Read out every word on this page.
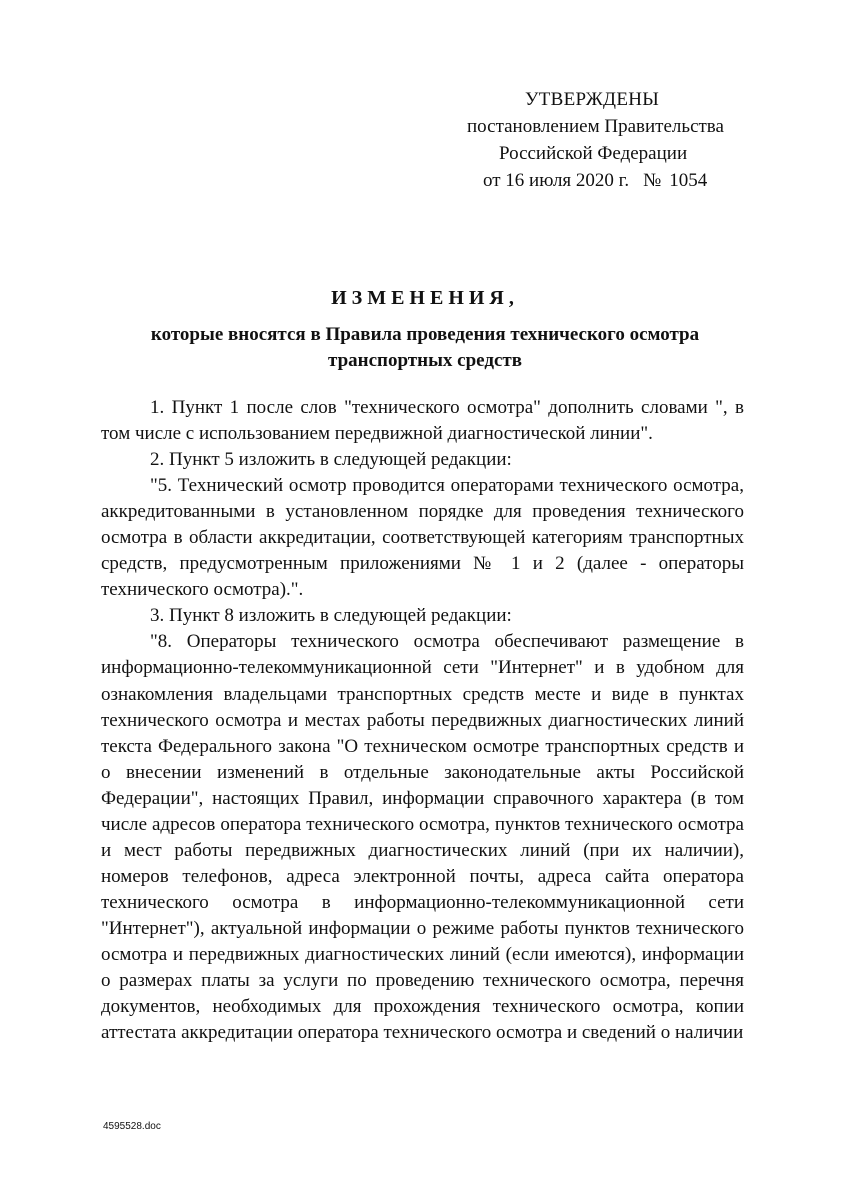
УТВЕРЖДЕНЫ
постановлением Правительства
Российской Федерации
от 16 июля 2020 г. № 1054
ИЗМЕНЕНИЯ,
которые вносятся в Правила проведения технического осмотра
транспортных средств

1. Пункт 1 после слов "технического осмотра" дополнить словами ", в том числе с использованием передвижной диагностической линии".

2. Пункт 5 изложить в следующей редакции:

"5. Технический осмотр проводится операторами технического осмотра, аккредитованными в установленном порядке для проведения технического осмотра в области аккредитации, соответствующей категориям транспортных средств, предусмотренным приложениями № 1 и 2 (далее - операторы технического осмотра).".

3. Пункт 8 изложить в следующей редакции:

"8. Операторы технического осмотра обеспечивают размещение в информационно-телекоммуникационной сети "Интернет" и в удобном для ознакомления владельцами транспортных средств месте и виде в пунктах технического осмотра и местах работы передвижных диагностических линий текста Федерального закона "О техническом осмотре транспортных средств и о внесении изменений в отдельные законодательные акты Российской Федерации", настоящих Правил, информации справочного характера (в том числе адресов оператора технического осмотра, пунктов технического осмотра и мест работы передвижных диагностических линий (при их наличии), номеров телефонов, адреса электронной почты, адреса сайта оператора технического осмотра в информационно-телекоммуникационной сети "Интернет"), актуальной информации о режиме работы пунктов технического осмотра и передвижных диагностических линий (если имеются), информации о размерах платы за услуги по проведению технического осмотра, перечня документов, необходимых для прохождения технического осмотра, копии аттестата аккредитации оператора технического осмотра и сведений о наличии

4595528.doc
